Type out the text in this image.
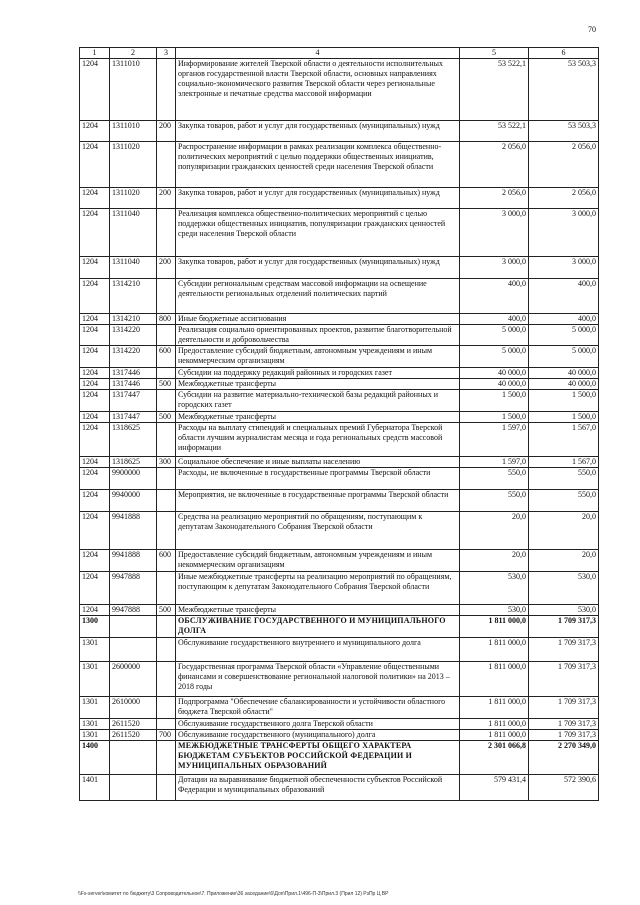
70
1	2	3	4	5	6
1204	1311010		Информирование жителей Тверской области о деятельности исполнительных органов государственной власти Тверской области, основных направлениях социально-экономического развития Тверской области через региональные электронные и печатные средства массовой информации	53 522,1	53 503,3
1204	1311010	200	Закупка товаров, работ и услуг для государственных (муниципальных) нужд	53 522,1	53 503,3
1204	1311020		Распространение информации в рамках реализации комплекса общественно-политических мероприятий с целью поддержки общественных инициатив, популяризации гражданских ценностей среди населения Тверской области	2 056,0	2 056,0
1204	1311020	200	Закупка товаров, работ и услуг для государственных (муниципальных) нужд	2 056,0	2 056,0
1204	1311040		Реализация комплекса общественно-политических мероприятий с целью поддержки общественных инициатив, популяризации гражданских ценностей среди населения Тверской области	3 000,0	3 000,0
1204	1311040	200	Закупка товаров, работ и услуг для государственных (муниципальных) нужд	3 000,0	3 000,0
1204	1314210		Субсидии региональным средствам массовой информации на освещение деятельности региональных отделений политических партий	400,0	400,0
1204	1314210	800	Иные бюджетные ассигнования	400,0	400,0
1204	1314220		Реализация социально ориентированных проектов, развитие благотворительной деятельности и добровольчества	5 000,0	5 000,0
1204	1314220	600	Предоставление субсидий бюджетным, автономным учреждениям и иным некоммерческим организациям	5 000,0	5 000,0
1204	1317446		Субсидии на поддержку редакций районных и городских газет	40 000,0	40 000,0
1204	1317446	500	Межбюджетные трансферты	40 000,0	40 000,0
1204	1317447		Субсидии на развитие материально-технической базы редакций районных и городских газет	1 500,0	1 500,0
1204	1317447	500	Межбюджетные трансферты	1 500,0	1 500,0
1204	1318625		Расходы на выплату стипендий и специальных премий Губернатора Тверской области лучшим журналистам месяца и года региональных средств массовой информации	1 597,0	1 567,0
1204	1318625	300	Социальное обеспечение и иные выплаты населению	1 597,0	1 567,0
1204	9900000		Расходы, не включенные в государственные программы Тверской области	550,0	550,0
1204	9940000		Мероприятия, не включенные в государственные программы Тверской области	550,0	550,0
1204	9941888		Средства на реализацию мероприятий по обращениям, поступающим к депутатам Законодательного Собрания Тверской области	20,0	20,0
1204	9941888	600	Предоставление субсидий бюджетным, автономным учреждениям и иным некоммерческим организациям	20,0	20,0
1204	9947888		Иные межбюджетные трансферты на реализацию мероприятий по обращениям, поступающим к депутатам Законодательного Собрания Тверской области	530,0	530,0
1204	9947888	500	Межбюджетные трансферты	530,0	530,0
1300			ОБСЛУЖИВАНИЕ ГОСУДАРСТВЕННОГО И МУНИЦИПАЛЬНОГО ДОЛГА	1 811 000,0	1 709 317,3
1301			Обслуживание государственного внутреннего и муниципального долга	1 811 000,0	1 709 317,3
1301	2600000		Государственная программа Тверской области «Управление общественными финансами и совершенствование региональной налоговой политики» на 2013 – 2018 годы	1 811 000,0	1 709 317,3
1301	2610000		Подпрограмма "Обеспечение сбалансированности и устойчивости областного бюджета Тверской области"	1 811 000,0	1 709 317,3
1301	2611520		Обслуживание государственного долга Тверской области	1 811 000,0	1 709 317,3
1301	2611520	700	Обслуживание государственного (муниципального) долга	1 811 000,0	1 709 317,3
1400			МЕЖБЮДЖЕТНЫЕ ТРАНСФЕРТЫ ОБЩЕГО ХАРАКТЕРА БЮДЖЕТАМ СУБЪЕКТОВ РОССИЙСКОЙ ФЕДЕРАЦИИ И МУНИЦИПАЛЬНЫХ ОБРАЗОВАНИЙ	2 301 066,8	2 270 349,0
1401			Дотации на выравнивание бюджетной обеспеченности субъектов Российской Федерации и муниципальных образований	579 431,4	572 390,6
\\Fs-server\комитет по бюджету\3 Сопроводительное\7. Приложение\36 заседание\6\Доп\Прил.1\496-П-3\Прил.3 (Прил 12) РзПр Ц ВР
